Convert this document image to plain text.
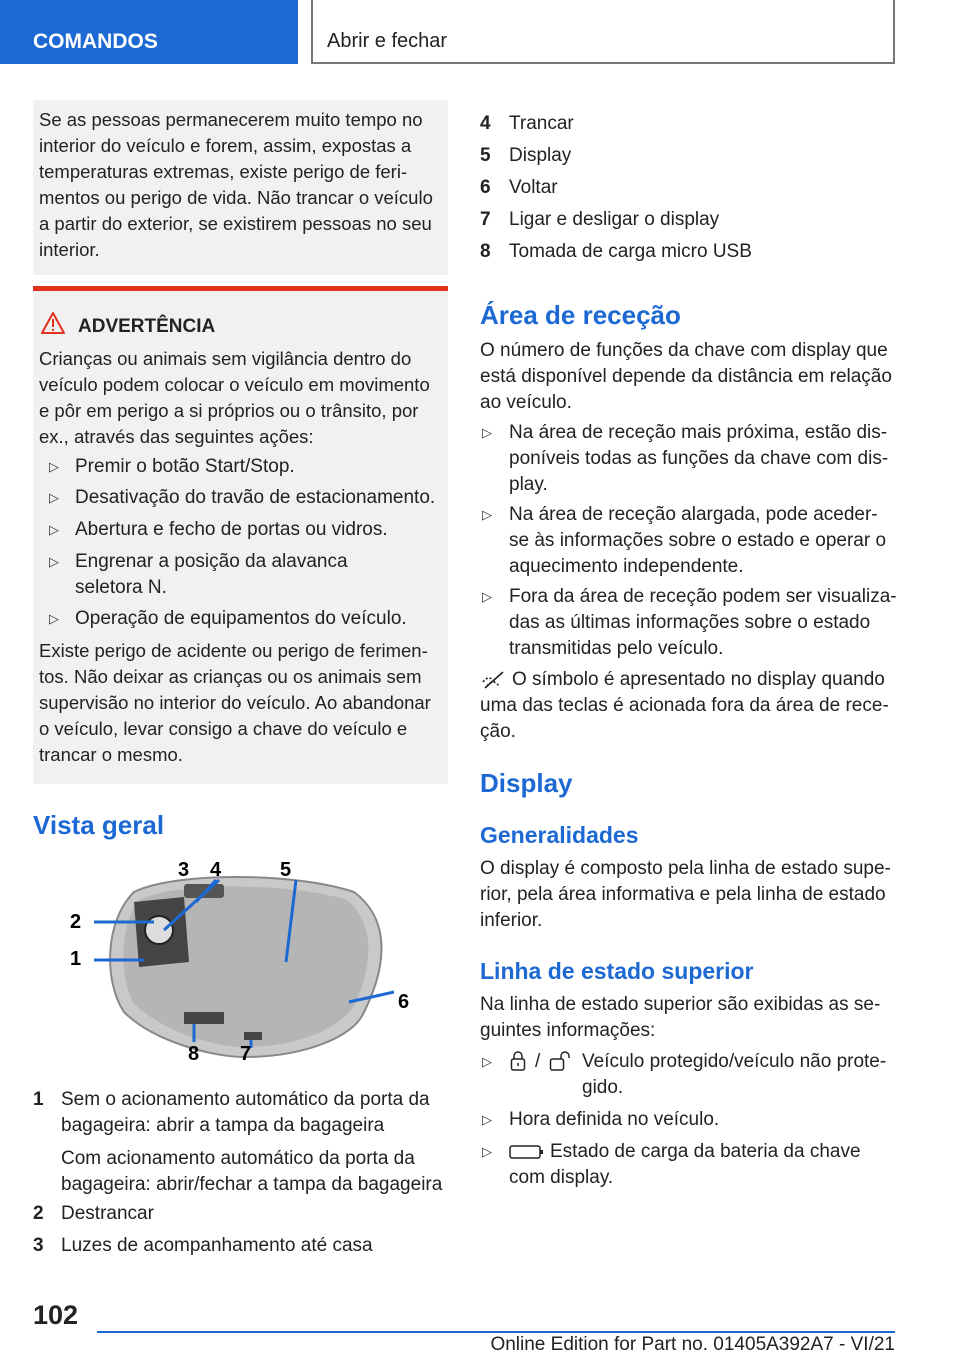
COMANDOS	Abrir e fechar

Se as pessoas permanecerem muito tempo no interior do veículo e forem, assim, expostas a temperaturas extremas, existe perigo de ferimentos ou perigo de vida. Não trancar o veículo a partir do exterior, se existirem pessoas no seu interior.

ADVERTÊNCIA

Crianças ou animais sem vigilância dentro do veículo podem colocar o veículo em movimento e pôr em perigo a si próprios ou o trânsito, por ex., através das seguintes ações:

▷ Premir o botão Start/Stop.
▷ Desativação do travão de estacionamento.
▷ Abertura e fecho de portas ou vidros.
▷ Engrenar a posição da alavanca seletora N.
▷ Operação de equipamentos do veículo.

Existe perigo de acidente ou perigo de ferimentos. Não deixar as crianças ou os animais sem supervisão no interior do veículo. Ao abandonar o veículo, levar consigo a chave do veículo e trancar o mesmo.

Vista geral
3 4	5
2
1
6
8 7
1 Sem o acionamento automático da porta da bagageira: abrir a tampa da bagageira
Com acionamento automático da porta da bagageira: abrir/fechar a tampa da bagageira
2 Destrancar
3 Luzes de acompanhamento até casa
4 Trancar
5 Display
6 Voltar
7 Ligar e desligar o display
8 Tomada de carga micro USB
Área de receção

O número de funções da chave com display que está disponível depende da distância em relação ao veículo.

▷ Na área de receção mais próxima, estão disponíveis todas as funções da chave com display.
▷ Na área de receção alargada, pode aceder-se às informações sobre o estado e operar o aquecimento independente.
▷ Fora da área de receção podem ser visualizadas as últimas informações sobre o estado transmitidas pelo veículo.

O símbolo é apresentado no display quando uma das teclas é acionada fora da área de receção.

Display
Generalidades

O display é composto pela linha de estado superior, pela área informativa e pela linha de estado inferior.

Linha de estado superior

Na linha de estado superior são exibidas as seguintes informações:

▷ / Veículo protegido/veículo não protegido.
▷ Hora definida no veículo.
▷	Estado de carga da bateria da chave com display.
102
Online Edition for Part no. 01405A392A7 - VI/21
